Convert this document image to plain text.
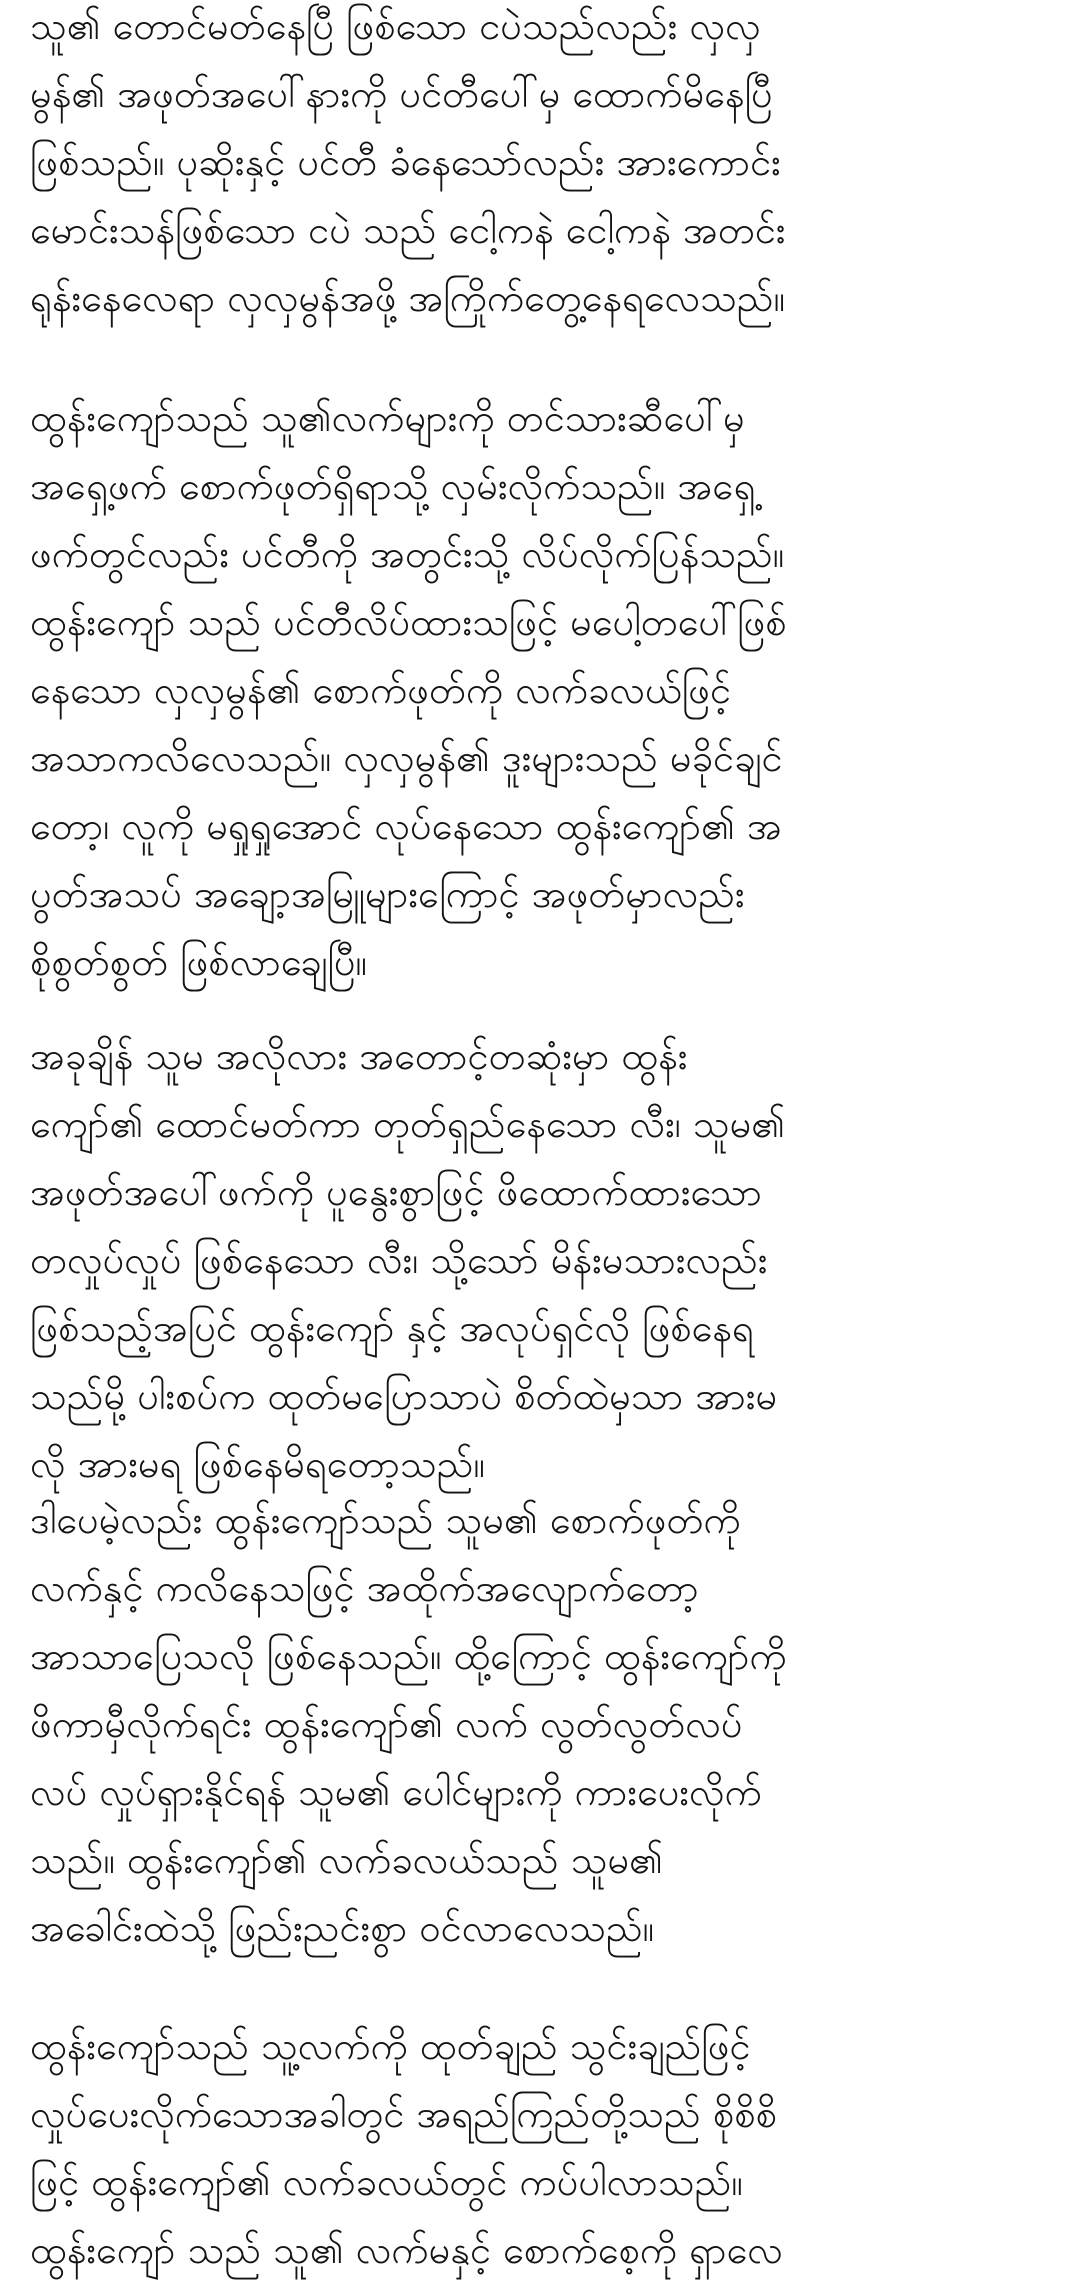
သူ၏ တောင်မတ်နေပြီ ဖြစ်သော ငပဲသည်လည်း လှလှ
မွန်၏ အဖုတ်အပေါ်နားကို ပင်တီပေါ်မှ ထောက်မိနေပြီ
ဖြစ်သည်။ ပုဆိုးနှင့် ပင်တီ ခံနေသော်လည်း အားကောင်း
မောင်းသန်ဖြစ်သော ငပဲ သည် ငေါ့ကနဲ ငေါ့ကနဲ အတင်း
ရုန်းနေလေရာ လှလှမွန်အဖို့ အကြိုက်တွေ့နေရလေသည်။
ထွန်းကျော်သည် သူ၏လက်များကို တင်သားဆီပေါ်မှ
အရှေ့ဖက် စောက်ဖုတ်ရှိရာသို့ လှမ်းလိုက်သည်။ အရှေ့
ဖက်တွင်လည်း ပင်တီကို အတွင်းသို့ လိပ်လိုက်ပြန်သည်။
ထွန်းကျော် သည် ပင်တီလိပ်ထားသဖြင့် မပေါ့တပေါ်ဖြစ်
နေသော လှလှမွန်၏ စောက်ဖုတ်ကို လက်ခလယ်ဖြင့်
အသာကလိလေသည်။ လှလှမွန်၏ ဒူးများသည် မခိုင်ချင်
တော့၊ လူကို မရှုရှုအောင် လုပ်နေသော ထွန်းကျော်၏ အ
ပွတ်အသပ် အချော့အမြူများကြောင့် အဖုတ်မှာလည်း
စိုစွတ်စွတ် ဖြစ်လာချေပြီ။
အခုချိန် သူမ အလိုလား အတောင့်တဆုံးမှာ ထွန်း
ကျော်၏ ထောင်မတ်ကာ တုတ်ရှည်နေသော လီး၊ သူမ၏
အဖုတ်အပေါ်ဖက်ကို ပူနွေးစွာဖြင့် ဖိထောက်ထားသော
တလှုပ်လှုပ် ဖြစ်နေသော လီး၊ သို့သော် မိန်းမသားလည်း
ဖြစ်သည့်အပြင် ထွန်းကျော် နှင့် အလုပ်ရှင်လို ဖြစ်နေရ
သည်မို့ ပါးစပ်က ထုတ်မပြောသာပဲ စိတ်ထဲမှသာ အားမ
လို အားမရ ဖြစ်နေမိရတော့သည်။
ဒါပေမဲ့လည်း ထွန်းကျော်သည် သူမ၏ စောက်ဖုတ်ကို
လက်နှင့် ကလိနေသဖြင့် အထိုက်အလျောက်တော့
အာသာပြေသလို ဖြစ်နေသည်။ ထို့ကြောင့် ထွန်းကျော်ကို
ဖိကာမှီလိုက်ရင်း ထွန်းကျော်၏ လက် လွတ်လွတ်လပ်
လပ် လှုပ်ရှားနိုင်ရန် သူမ၏ ပေါင်များကို ကားပေးလိုက်
သည်။ ထွန်းကျော်၏ လက်ခလယ်သည် သူမ၏
အခေါင်းထဲသို့ ဖြည်းညင်းစွာ ဝင်လာလေသည်။
ထွန်းကျော်သည် သူ့လက်ကို ထုတ်ချည် သွင်းချည်ဖြင့်
လှုပ်ပေးလိုက်သောအခါတွင် အရည်ကြည်တို့သည် စိုစိစိ
ဖြင့် ထွန်းကျော်၏ လက်ခလယ်တွင် ကပ်ပါလာသည်။
ထွန်းကျော် သည် သူ၏ လက်မနှင့် စောက်စေ့ကို ရှာလေ
